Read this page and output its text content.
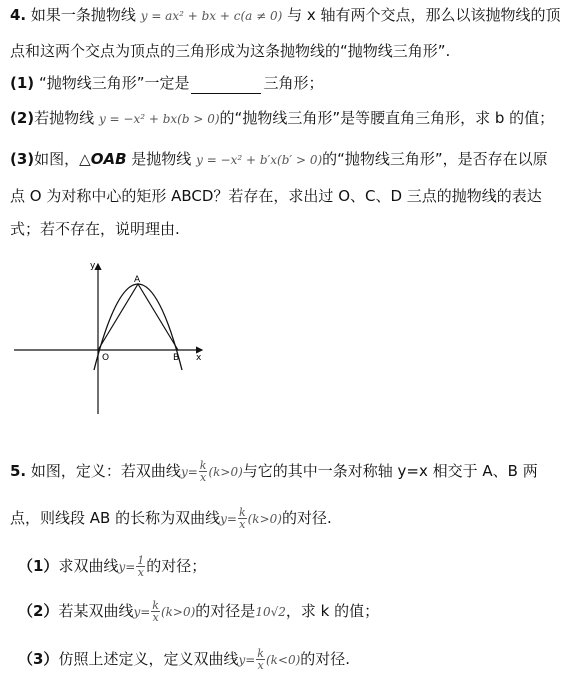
4. 如果一条抛物线 y = ax² + bx + c(a ≠ 0) 与 x 轴有两个交点，那么以该抛物线的顶
点和这两个交点为顶点的三角形成为这条抛物线的“抛物线三角形”.
(1) “抛物线三角形”一定是	三角形；
(2)若抛物线 y = −x² + bx(b > 0)的“抛物线三角形”是等腰直角三角形，求 b 的值；
(3)如图，△OAB 是抛物线 y = −x² + b′x(b′ > 0)的“抛物线三角形”，是否存在以原
点 O 为对称中心的矩形 ABCD？若存在，求出过 O、C、D 三点的抛物线的表达
式；若不存在，说明理由.
y
A
O	B x
5. 如图，定义：若双曲线$y= \frac{k}{x} (k>0)$与它的其中一条对称轴 y=x 相交于 A、B 两
点，则线段 AB 的长称为双曲线$y= \frac{k}{x} (k>0)$的对径.
（1）求双曲线$y= \frac{1}{x}$ 的对径；
（2）若某双曲线$y= \frac{k}{x} (k>0)$的对径是10√2，求 k 的值；
（3）仿照上述定义，定义双曲线$y= \frac{k}{x} (k<0)$的对径.
